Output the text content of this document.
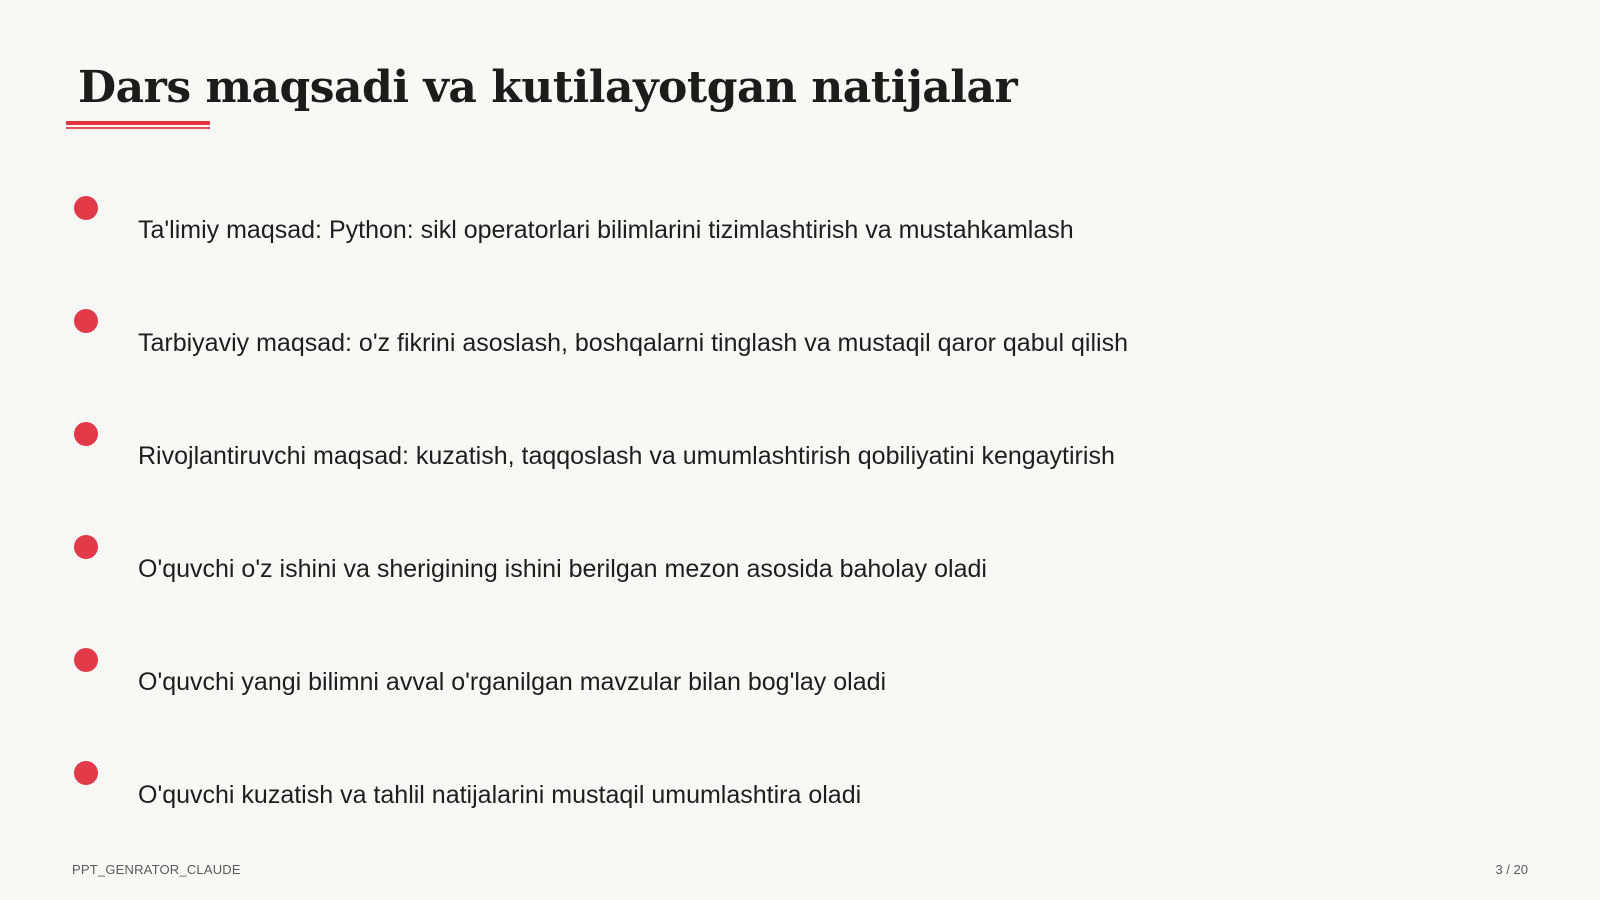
Dars maqsadi va kutilayotgan natijalar
Ta'limiy maqsad: Python: sikl operatorlari bilimlarini tizimlashtirish va mustahkamlash
Tarbiyaviy maqsad: o'z fikrini asoslash, boshqalarni tinglash va mustaqil qaror qabul qilish
Rivojlantiruvchi maqsad: kuzatish, taqqoslash va umumlashtirish qobiliyatini kengaytirish
O'quvchi o'z ishini va sherigining ishini berilgan mezon asosida baholay oladi
O'quvchi yangi bilimni avval o'rganilgan mavzular bilan bog'lay oladi
O'quvchi kuzatish va tahlil natijalarini mustaqil umumlashtira oladi
PPT_GENRATOR_CLAUDE	3 / 20
